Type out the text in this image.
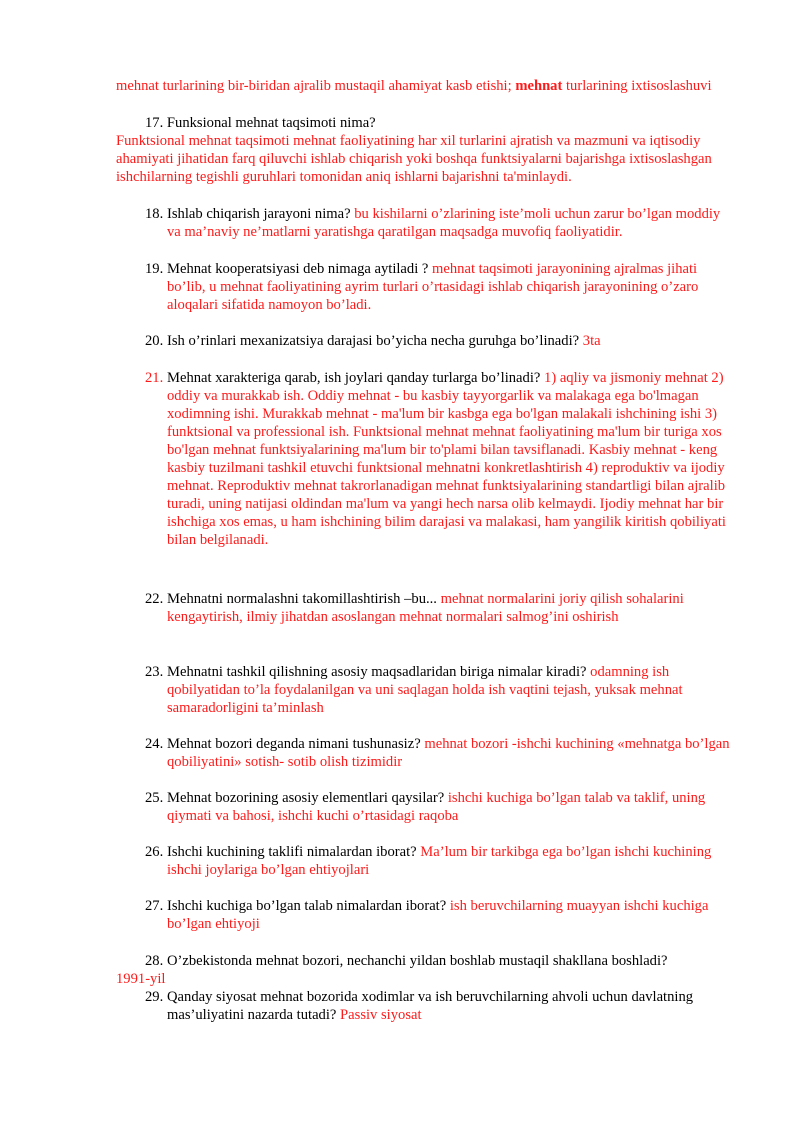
mehnat turlarining bir-biridan ajralib mustaqil ahamiyat kasb etishi; mehnat turlarining ixtisoslashuvi
17. Funksional mehnat taqsimoti nima?
Funktsional mehnat taqsimoti mehnat faoliyatining har xil turlarini ajratish va mazmuni va iqtisodiy ahamiyati jihatidan farq qiluvchi ishlab chiqarish yoki boshqa funktsiyalarni bajarishga ixtisoslashgan ishchilarning tegishli guruhlari tomonidan aniq ishlarni bajarishni ta'minlaydi.
18. Ishlab chiqarish jarayoni nima? bu kishilarni o’zlarining iste’moli uchun zarur bo’lgan moddiy va ma’naviy ne’matlarni yaratishga qaratilgan maqsadga muvofiq faoliyatidir.
19. Mehnat kooperatsiyasi deb nimaga aytiladi ? mehnat taqsimoti jarayonining ajralmas jihati bo’lib, u mehnat faoliyatining ayrim turlari o’rtasidagi ishlab chiqarish jarayonining o’zaro aloqalari sifatida namoyon bo’ladi.
20. Ish o’rinlari mexanizatsiya darajasi bo’yicha necha guruhga bo’linadi? 3ta
21. Mehnat xarakteriga qarab, ish joylari qanday turlarga bo’linadi? 1) aqliy va jismoniy mehnat 2) oddiy va murakkab ish. Oddiy mehnat - bu kasbiy tayyorgarlik va malakaga ega bo'lmagan xodimning ishi. Murakkab mehnat - ma'lum bir kasbga ega bo'lgan malakali ishchining ishi 3) funktsional va professional ish. Funktsional mehnat mehnat faoliyatining ma'lum bir turiga xos bo'lgan mehnat funktsiyalarining ma'lum bir to'plami bilan tavsiflanadi. Kasbiy mehnat - keng kasbiy tuzilmani tashkil etuvchi funktsional mehnatni konkretlashtirish 4) reproduktiv va ijodiy mehnat. Reproduktiv mehnat takrorlanadigan mehnat funktsiyalarining standartligi bilan ajralib turadi, uning natijasi oldindan ma'lum va yangi hech narsa olib kelmaydi. Ijodiy mehnat har bir ishchiga xos emas, u ham ishchining bilim darajasi va malakasi, ham yangilik kiritish qobiliyati bilan belgilanadi.
22. Mehnatni normalashni takomillashtirish –bu... mehnat normalarini joriy qilish sohalarini kengaytirish, ilmiy jihatdan asoslangan mehnat normalari salmog’ini oshirish
23. Mehnatni tashkil qilishning asosiy maqsadlaridan biriga nimalar kiradi? odamning ish qobilyatidan to’la foydalanilgan va uni saqlagan holda ish vaqtini tejash, yuksak mehnat samaradorligini ta’minlash
24. Mehnat bozori deganda nimani tushunasiz? mehnat bozori -ishchi kuchining «mehnatga bo’lgan qobiliyatini» sotish- sotib olish tizimidir
25. Mehnat bozorining asosiy elementlari qaysilar? ishchi kuchiga bo’lgan talab va taklif, uning qiymati va bahosi, ishchi kuchi o’rtasidagi raqoba
26. Ishchi kuchining taklifi nimalardan iborat? Ma’lum bir tarkibga ega bo’lgan ishchi kuchining ishchi joylariga bo’lgan ehtiyojlari
27. Ishchi kuchiga bo’lgan talab nimalardan iborat? ish beruvchilarning muayyan ishchi kuchiga bo’lgan ehtiyoji
28. O’zbekistonda mehnat bozori, nechanchi yildan boshlab mustaqil shakllana boshladi?
1991-yil
29. Qanday siyosat mehnat bozorida xodimlar va ish beruvchilarning ahvoli uchun davlatning mas’uliyatini nazarda tutadi? Passiv siyosat
